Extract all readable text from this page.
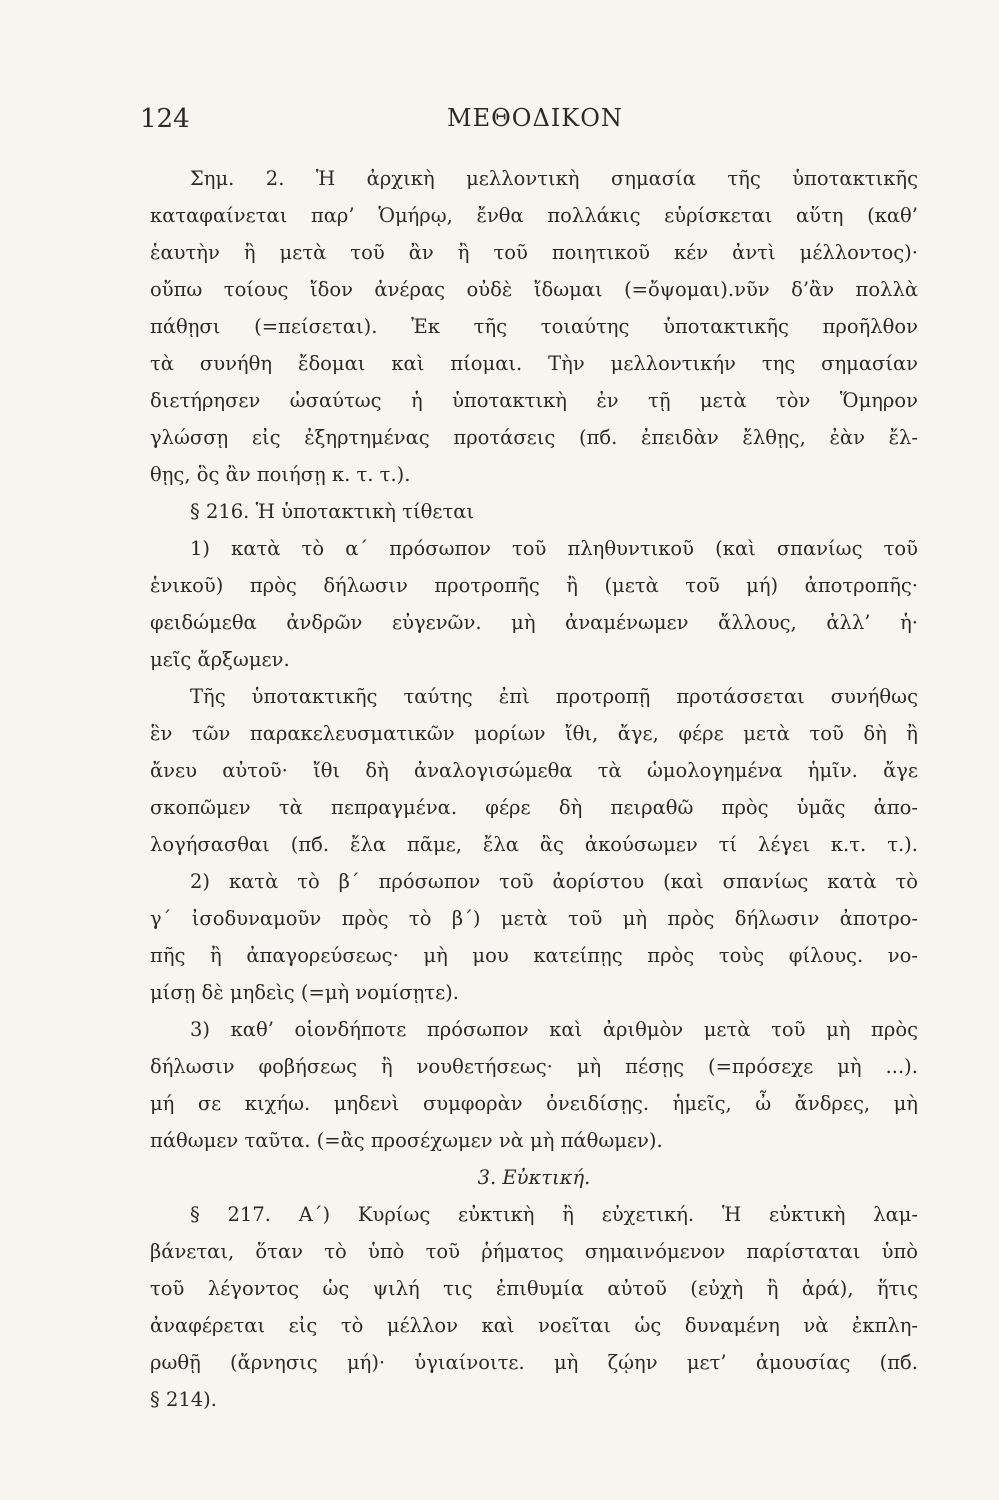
124	ΜΕΘΟΔΙΚΟΝ
Σημ. 2. Ἡ ἀρχικὴ μελλοντικὴ σημασία τῆς ὑποτακτικῆς
καταφαίνεται παρ’ Ὁμήρῳ, ἔνθα πολλάκις εὑρίσκεται αὕτη (καθ’
ἑαυτὴν ἢ μετὰ τοῦ ἂν ἢ τοῦ ποιητικοῦ κέν ἀντὶ μέλλοντος)·
οὔπω τοίους ἴδον ἀνέρας οὐδὲ ἴδωμαι (=ὄψομαι).νῦν δ’ἂν πολλὰ
πάθῃσι (=πείσεται). Ἐκ τῆς τοιαύτης ὑποτακτικῆς προῆλθον
τὰ συνήθη ἔδομαι καὶ πίομαι. Τὴν μελλοντικήν της σημασίαν
διετήρησεν ὡσαύτως ἡ ὑποτακτικὴ ἐν τῇ μετὰ τὸν Ὅμηρον
γλώσσῃ εἰς ἐξηρτημένας προτάσεις (πб. ἐπειδὰν ἔλθῃς, ἐὰν ἔλ-
θῃς, ὃς ἂν ποιήσῃ κ. τ. τ.).
§ 216. Ἡ ὑποτακτικὴ τίθεται
1) κατὰ τὸ α΄ πρόσωπον τοῦ πληθυντικοῦ (καὶ σπανίως τοῦ
ἑνικοῦ) πρὸς δήλωσιν προτροπῆς ἢ (μετὰ τοῦ μή) ἀποτροπῆς·
φειδώμεθα ἀνδρῶν εὐγενῶν. μὴ ἀναμένωμεν ἄλλους, ἀλλ’ ἡ·
μεῖς ἄρξωμεν.
Τῆς ὑποτακτικῆς ταύτης ἐπὶ προτροπῇ προτάσσεται συνήθως
ἓν τῶν παρακελευσματικῶν μορίων ἴθι, ἄγε, φέρε μετὰ τοῦ δὴ ἢ
ἄνευ αὐτοῦ· ἴθι δὴ ἀναλογισώμεθα τὰ ὡμολογημένα ἡμῖν. ἄγε
σκοπῶμεν τὰ πεπραγμένα. φέρε δὴ πειραθῶ πρὸς ὑμᾶς ἀπο-
λογήσασθαι (πб. ἔλα πᾶμε, ἔλα ἂς ἀκούσωμεν τί λέγει κ.τ. τ.).
2) κατὰ τὸ β΄ πρόσωπον τοῦ ἀορίστου (καὶ σπανίως κατὰ τὸ
γ΄ ἰσοδυναμοῦν πρὸς τὸ β΄) μετὰ τοῦ μὴ πρὸς δήλωσιν ἀποτρο-
πῆς ἢ ἀπαγορεύσεως· μὴ μου κατείπῃς πρὸς τοὺς φίλους. νο-
μίσῃ δὲ μηδεὶς (=μὴ νομίσῃτε).
3) καθ’ οἱονδήποτε πρόσωπον καὶ ἀριθμὸν μετὰ τοῦ μὴ πρὸς
δήλωσιν φοβήσεως ἢ νουθετήσεως· μὴ πέσῃς (=πρόσεχε μὴ ...).
μή σε κιχήω. μηδενὶ συμφορὰν ὀνειδίσῃς. ἡμεῖς, ὦ ἄνδρες, μὴ
πάθωμεν ταῦτα. (=ἂς προσέχωμεν νὰ μὴ πάθωμεν).
3. Εὐκτική.
§ 217. Α΄) Κυρίως εὐκτικὴ ἢ εὐχετική. Ἡ εὐκτικὴ λαμ-
βάνεται, ὅταν τὸ ὑπὸ τοῦ ῥήματος σημαινόμενον παρίσταται ὑπὸ
τοῦ λέγοντος ὡς ψιλή τις ἐπιθυμία αὐτοῦ (εὐχὴ ἢ ἀρά), ἥτις
ἀναφέρεται εἰς τὸ μέλλον καὶ νοεῖται ὡς δυναμένη νὰ ἐκπλη-
ρωθῇ (ἄρνησις μή)· ὑγιαίνοιτε. μὴ ζῴην μετ’ ἀμουσίας (πб.
§ 214).
